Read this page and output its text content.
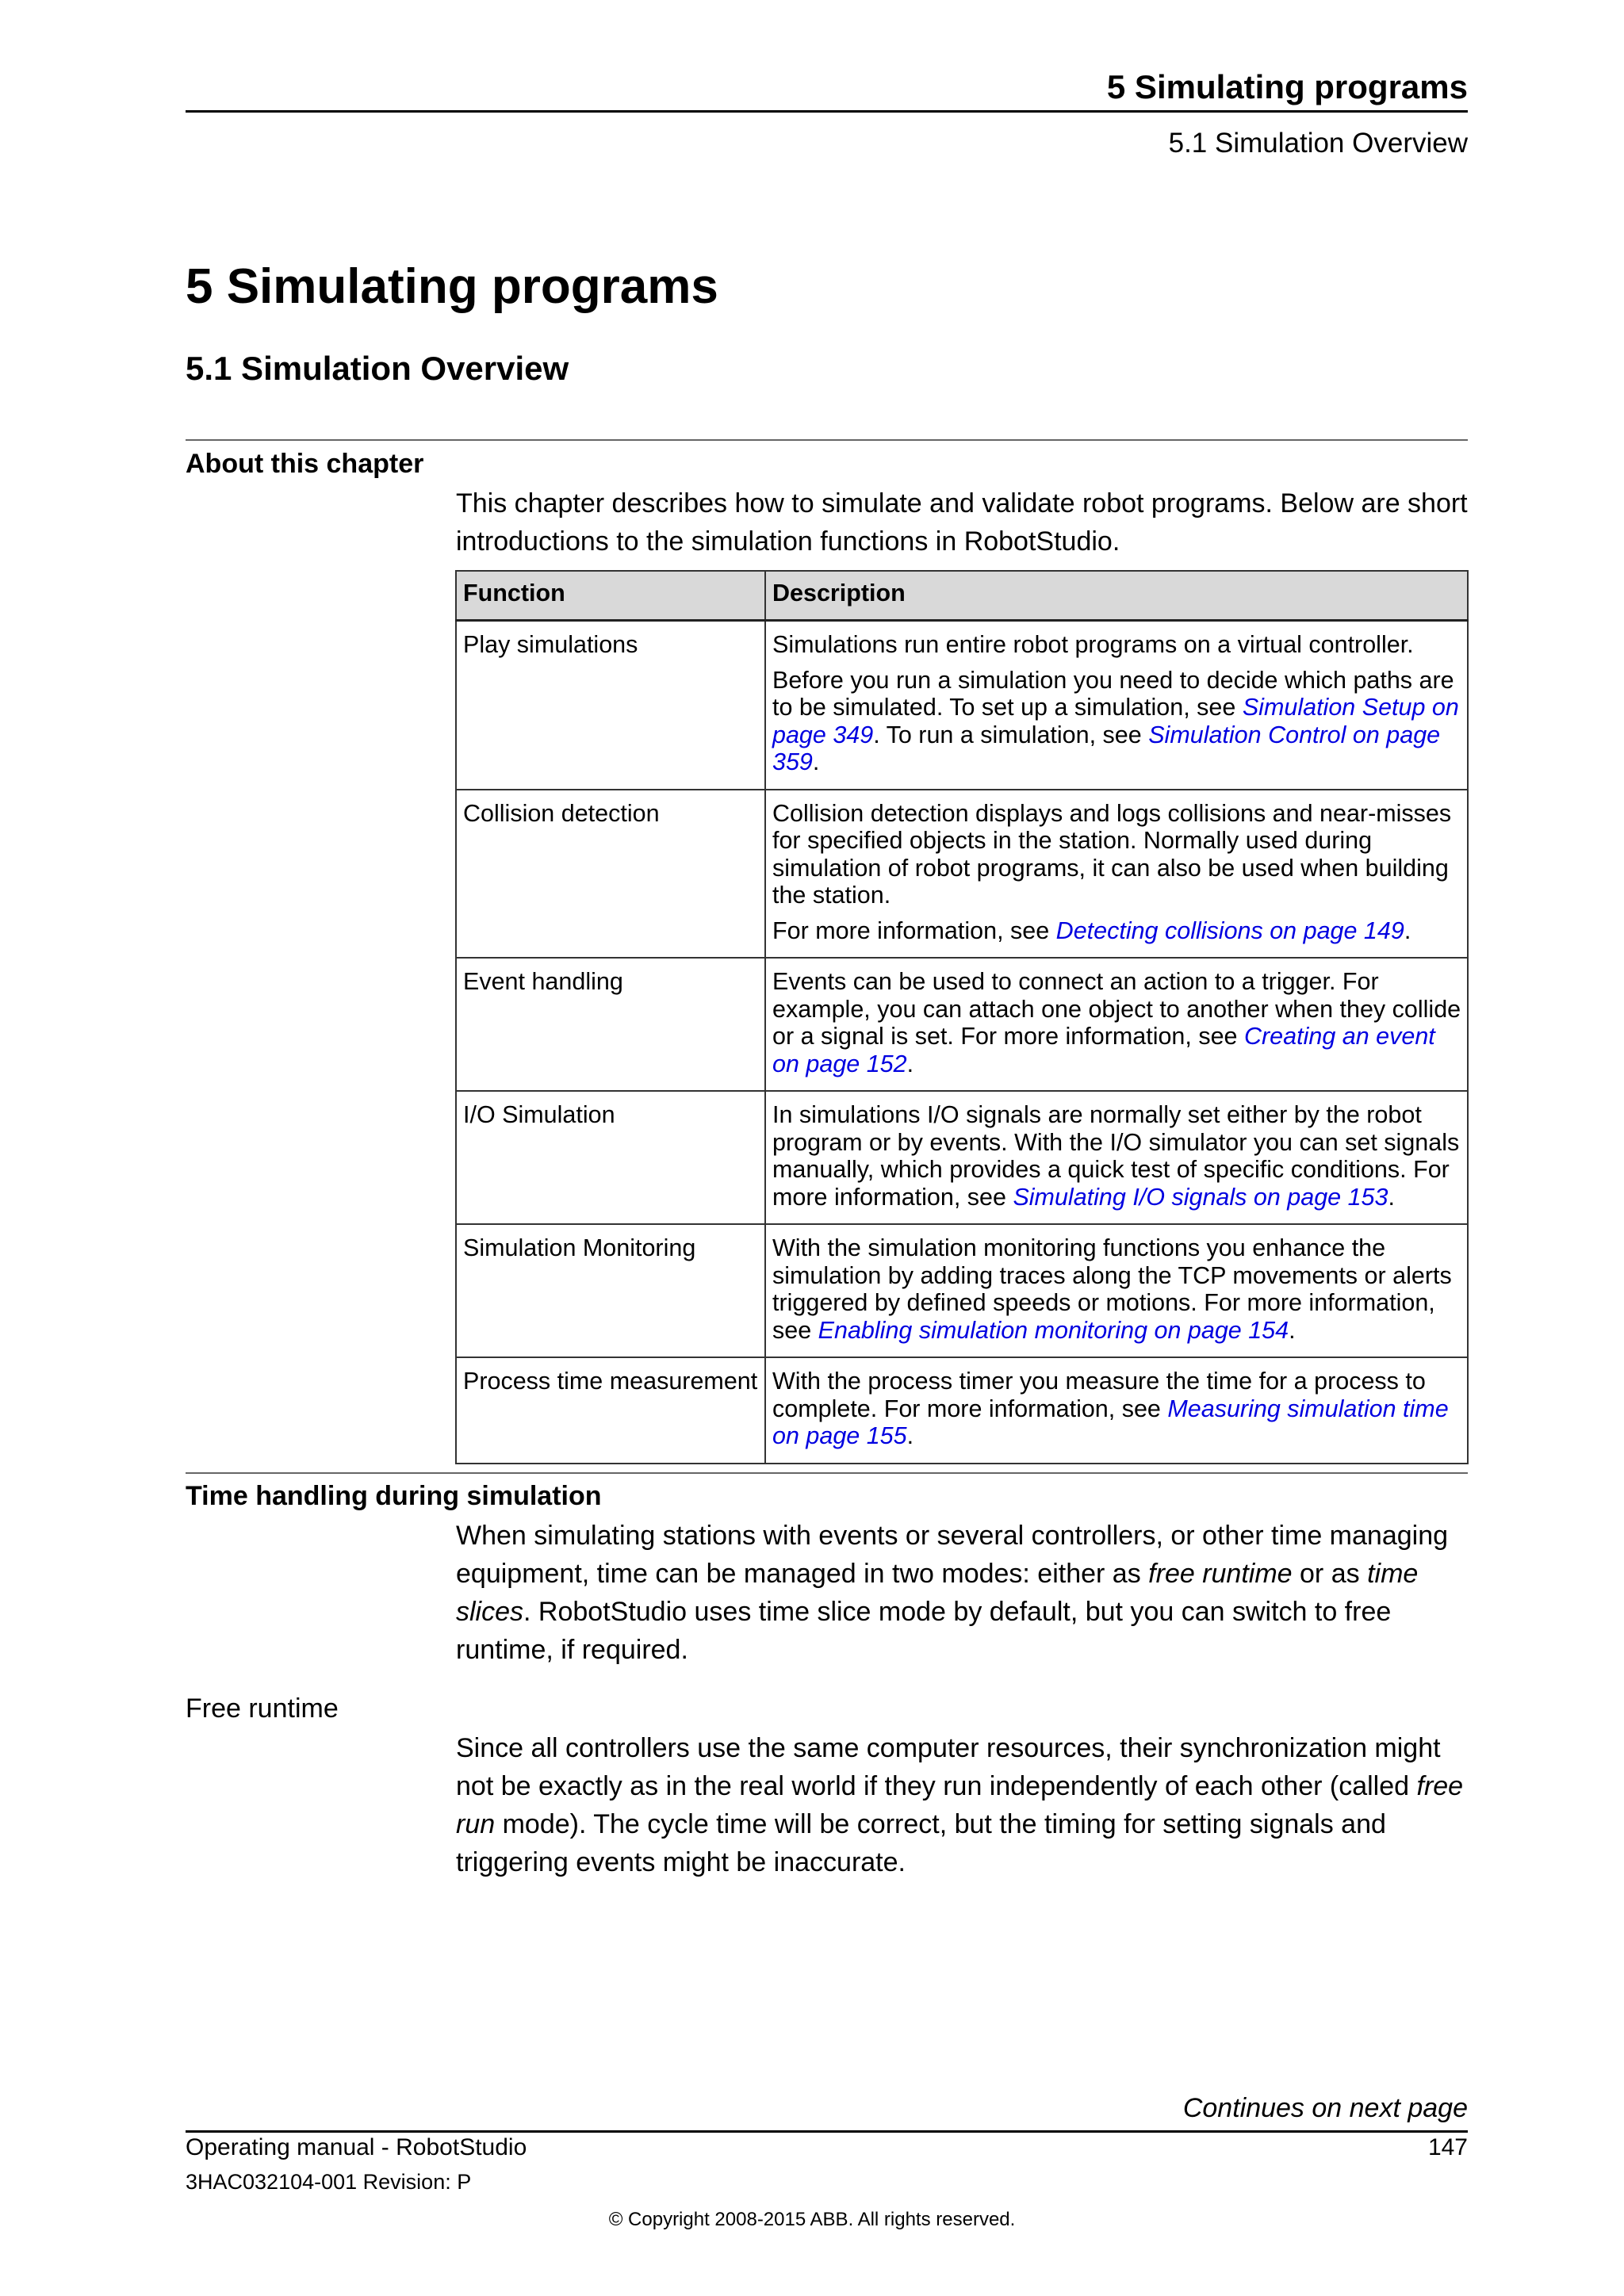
5 Simulating programs
5.1 Simulation Overview
5 Simulating programs
5.1 Simulation Overview
About this chapter
This chapter describes how to simulate and validate robot programs. Below are short introductions to the simulation functions in RobotStudio.
Function	Description
Play simulations	Simulations run entire robot programs on a virtual controller.

Before you run a simulation you need to decide which paths are to be simulated. To set up a simulation, see Simulation Setup on page 349. To run a simulation, see Simulation Control on page 359.

Collision detection	Collision detection displays and logs collisions and near-misses for specified objects in the station. Normally used during simulation of robot programs, it can also be used when building the station.

For more information, see Detecting collisions on page 149.

Event handling	Events can be used to connect an action to a trigger. For example, you can attach one object to another when they collide or a signal is set. For more information, see Creating an event on page 152.

I/O Simulation	In simulations I/O signals are normally set either by the robot program or by events. With the I/O simulator you can set signals manually, which provides a quick test of specific conditions. For more information, see Simulating I/O signals on page 153.

Simulation Monitoring	With the simulation monitoring functions you enhance the simulation by adding traces along the TCP movements or alerts triggered by defined speeds or motions. For more information, see Enabling simulation monitoring on page 154.

Process time measurement	With the process timer you measure the time for a process to complete. For more information, see Measuring simulation time on page 155.

Time handling during simulation
When simulating stations with events or several controllers, or other time managing equipment, time can be managed in two modes: either as free runtime or as time slices. RobotStudio uses time slice mode by default, but you can switch to free runtime, if required.
Free runtime
Since all controllers use the same computer resources, their synchronization might not be exactly as in the real world if they run independently of each other (called free run mode). The cycle time will be correct, but the timing for setting signals and triggering events might be inaccurate.
Continues on next page
Operating manual - RobotStudio	147
3HAC032104-001 Revision: P
© Copyright 2008-2015 ABB. All rights reserved.
